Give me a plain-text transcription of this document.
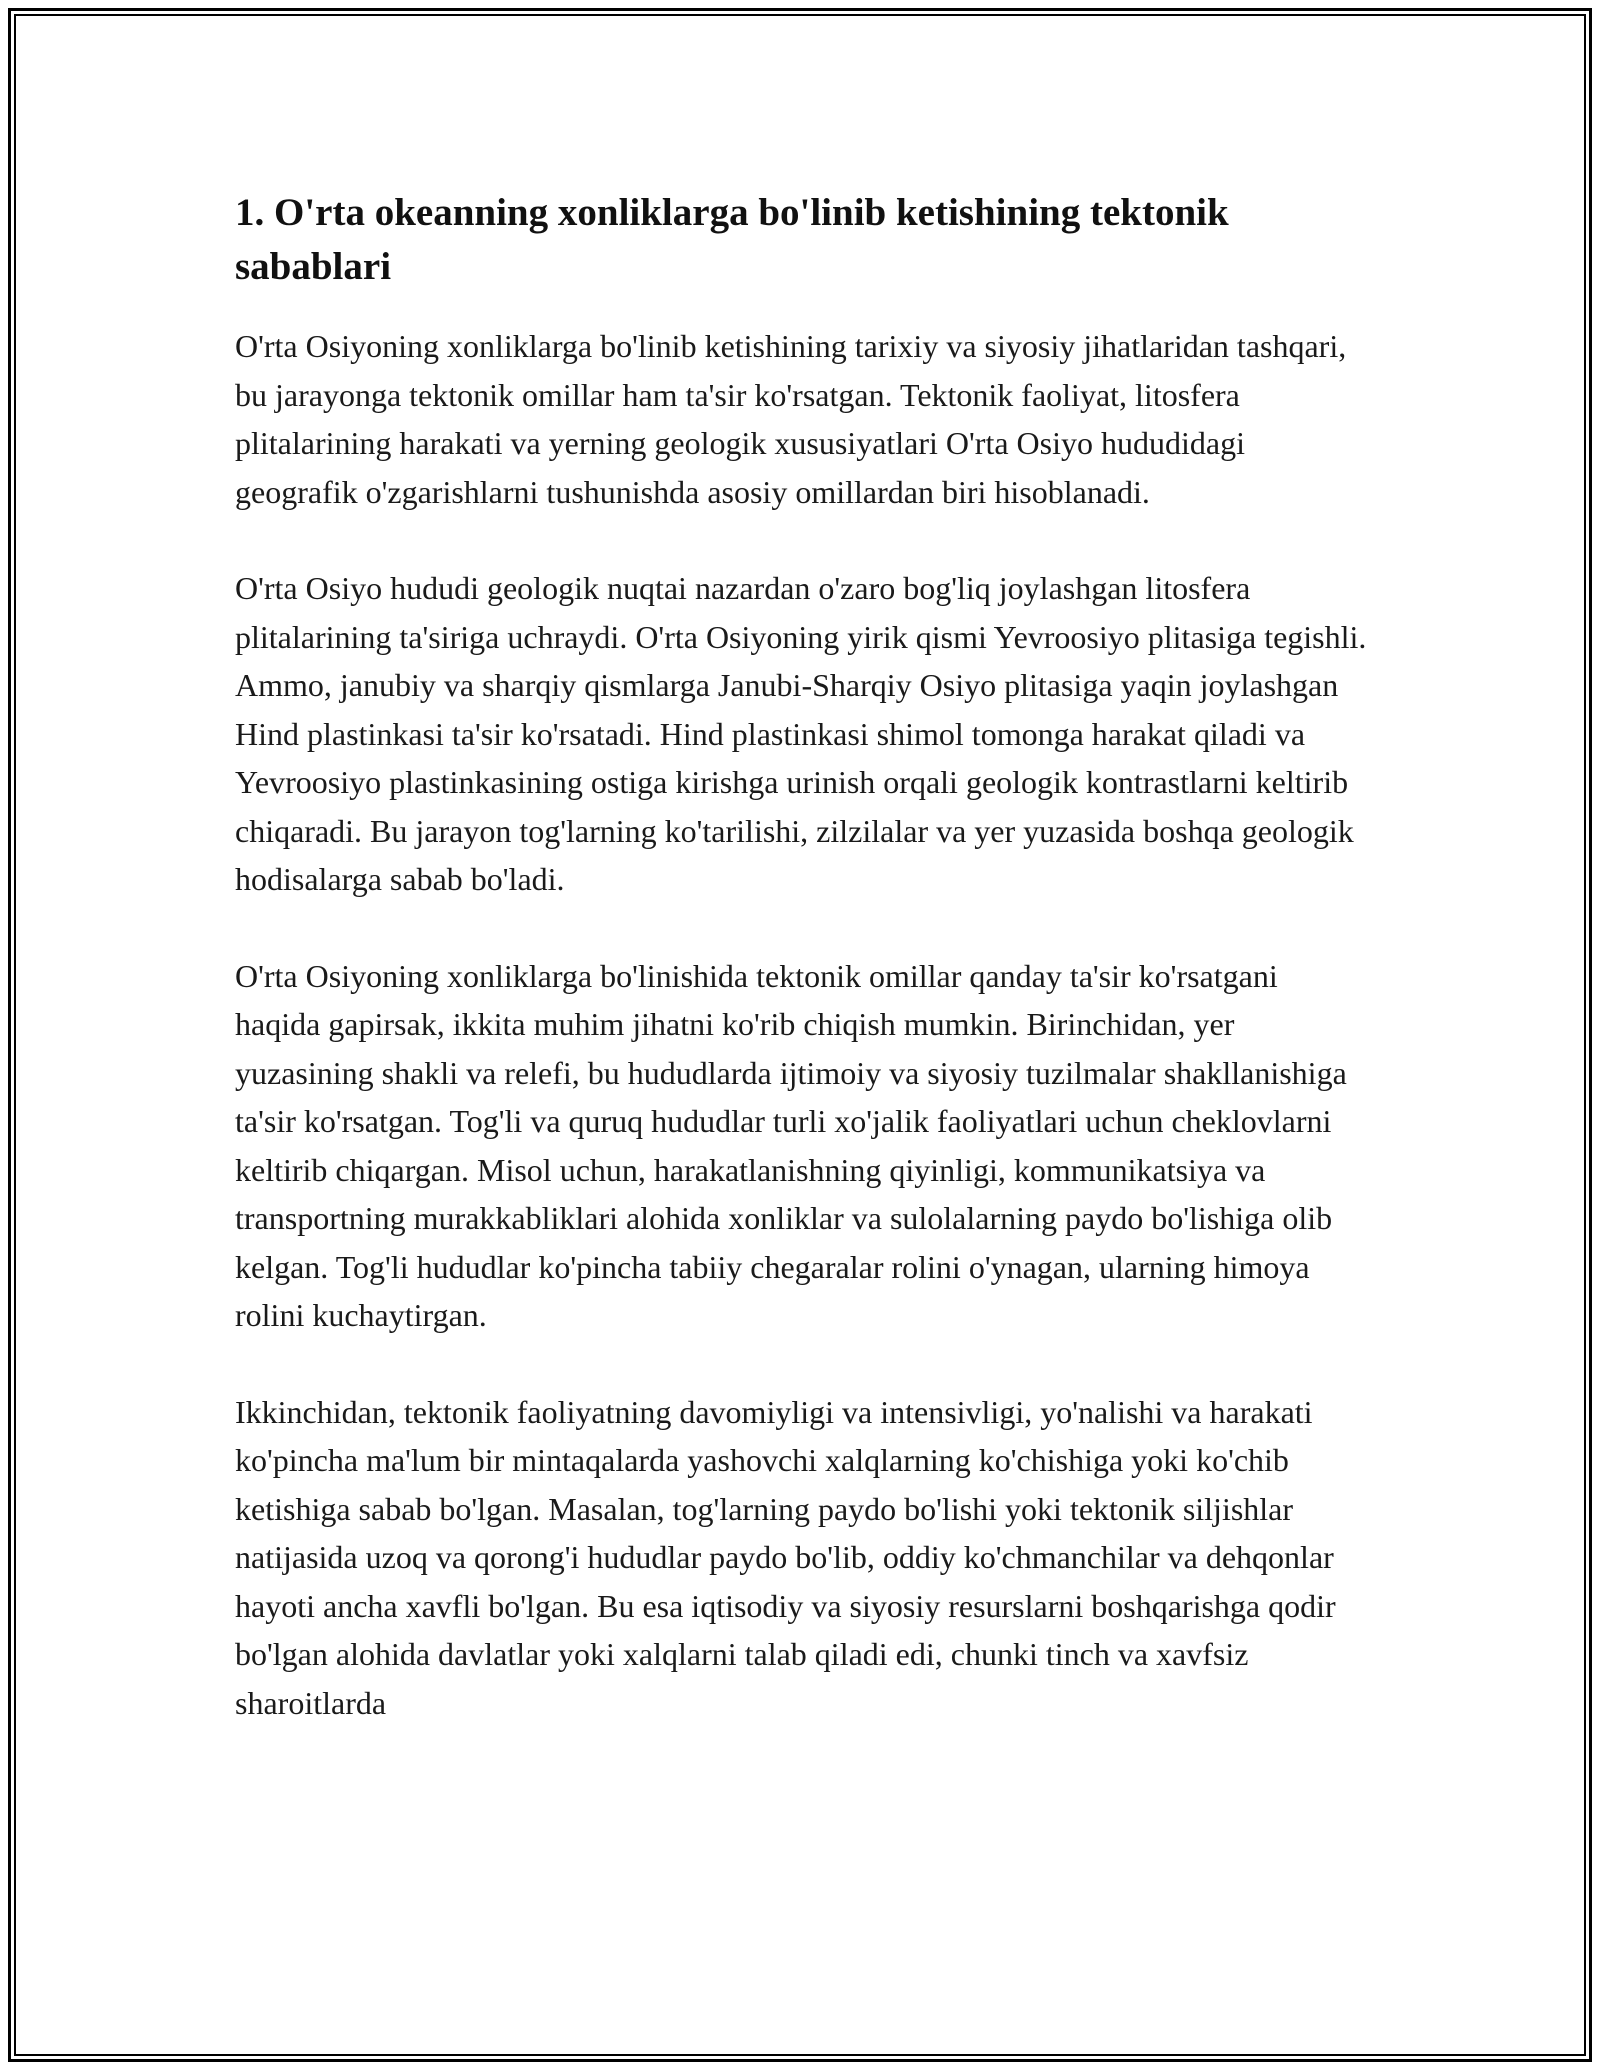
1. O'rta okeanning xonliklarga bo'linib ketishining tektonik sabablari

O'rta Osiyoning xonliklarga bo'linib ketishining tarixiy va siyosiy jihatlaridan tashqari, bu jarayonga tektonik omillar ham ta'sir ko'rsatgan. Tektonik faoliyat, litosfera plitalarining harakati va yerning geologik xususiyatlari O'rta Osiyo hududidagi geografik o'zgarishlarni tushunishda asosiy omillardan biri hisoblanadi.

O'rta Osiyo hududi geologik nuqtai nazardan o'zaro bog'liq joylashgan litosfera plitalarining ta'siriga uchraydi. O'rta Osiyoning yirik qismi Yevroosiyo plitasiga tegishli. Ammo, janubiy va sharqiy qismlarga Janubi-Sharqiy Osiyo plitasiga yaqin joylashgan Hind plastinkasi ta'sir ko'rsatadi. Hind plastinkasi shimol tomonga harakat qiladi va Yevroosiyo plastinkasining ostiga kirishga urinish orqali geologik kontrastlarni keltirib chiqaradi. Bu jarayon tog'larning ko'tarilishi, zilzilalar va yer yuzasida boshqa geologik hodisalarga sabab bo'ladi.

O'rta Osiyoning xonliklarga bo'linishida tektonik omillar qanday ta'sir ko'rsatgani haqida gapirsak, ikkita muhim jihatni ko'rib chiqish mumkin. Birinchidan, yer yuzasining shakli va relefi, bu hududlarda ijtimoiy va siyosiy tuzilmalar shakllanishiga ta'sir ko'rsatgan. Tog'li va quruq hududlar turli xo'jalik faoliyatlari uchun cheklovlarni keltirib chiqargan. Misol uchun, harakatlanishning qiyinligi, kommunikatsiya va transportning murakkabliklari alohida xonliklar va sulolalarning paydo bo'lishiga olib kelgan. Tog'li hududlar ko'pincha tabiiy chegaralar rolini o'ynagan, ularning himoya rolini kuchaytirgan.

Ikkinchidan, tektonik faoliyatning davomiyligi va intensivligi, yo'nalishi va harakati ko'pincha ma'lum bir mintaqalarda yashovchi xalqlarning ko'chishiga yoki ko'chib ketishiga sabab bo'lgan. Masalan, tog'larning paydo bo'lishi yoki tektonik siljishlar natijasida uzoq va qorong'i hududlar paydo bo'lib, oddiy ko'chmanchilar va dehqonlar hayoti ancha xavfli bo'lgan. Bu esa iqtisodiy va siyosiy resurslarni boshqarishga qodir bo'lgan alohida davlatlar yoki xalqlarni talab qiladi edi, chunki tinch va xavfsiz sharoitlarda
